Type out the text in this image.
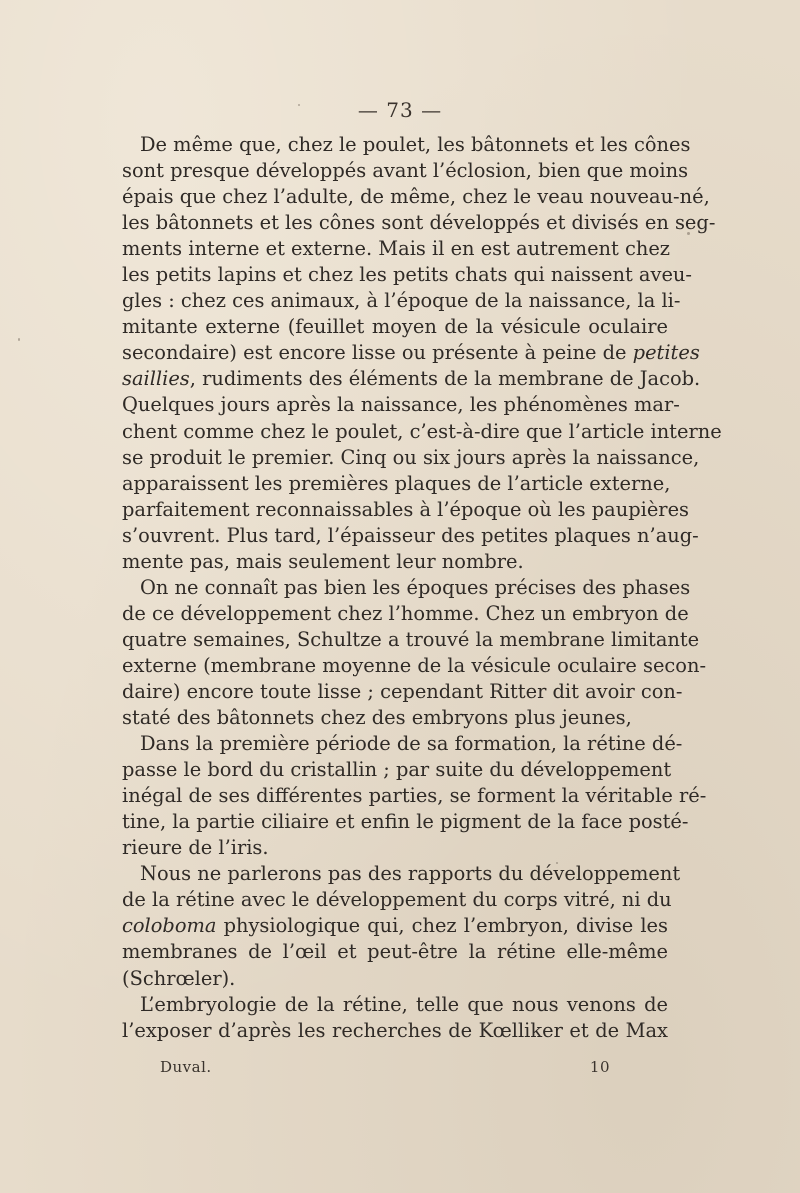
— 73 —
De même que, chez le poulet, les bâtonnets et les cônes
sont presque développés avant l’éclosion, bien que moins
épais que chez l’adulte, de même, chez le veau nouveau-né,
les bâtonnets et les cônes sont développés et divisés en seg-
ments interne et externe. Mais il en est autrement chez
les petits lapins et chez les petits chats qui naissent aveu-
gles : chez ces animaux, à l’époque de la naissance, la li-
mitante externe (feuillet moyen de la vésicule oculaire
secondaire) est encore lisse ou présente à peine de petites
saillies, rudiments des éléments de la membrane de Jacob.
Quelques jours après la naissance, les phénomènes mar-
chent comme chez le poulet, c’est-à-dire que l’article interne
se produit le premier. Cinq ou six jours après la naissance,
apparaissent les premières plaques de l’article externe,
parfaitement reconnaissables à l’époque où les paupières
s’ouvrent. Plus tard, l’épaisseur des petites plaques n’aug-
mente pas, mais seulement leur nombre.
On ne connaît pas bien les époques précises des phases
de ce développement chez l’homme. Chez un embryon de
quatre semaines, Schultze a trouvé la membrane limitante
externe (membrane moyenne de la vésicule oculaire secon-
daire) encore toute lisse ; cependant Ritter dit avoir con-
staté des bâtonnets chez des embryons plus jeunes,
Dans la première période de sa formation, la rétine dé-
passe le bord du cristallin ; par suite du développement
inégal de ses différentes parties, se forment la véritable ré-
tine, la partie ciliaire et enfin le pigment de la face posté-
rieure de l’iris.
Nous ne parlerons pas des rapports du développement
de la rétine avec le développement du corps vitré, ni du
coloboma physiologique qui, chez l’embryon, divise les
membranes de l’œil et peut-être la rétine elle-même
(Schrœler).
L’embryologie de la rétine, telle que nous venons de
l’exposer d’après les recherches de Kœlliker et de Max
Duval.	10
